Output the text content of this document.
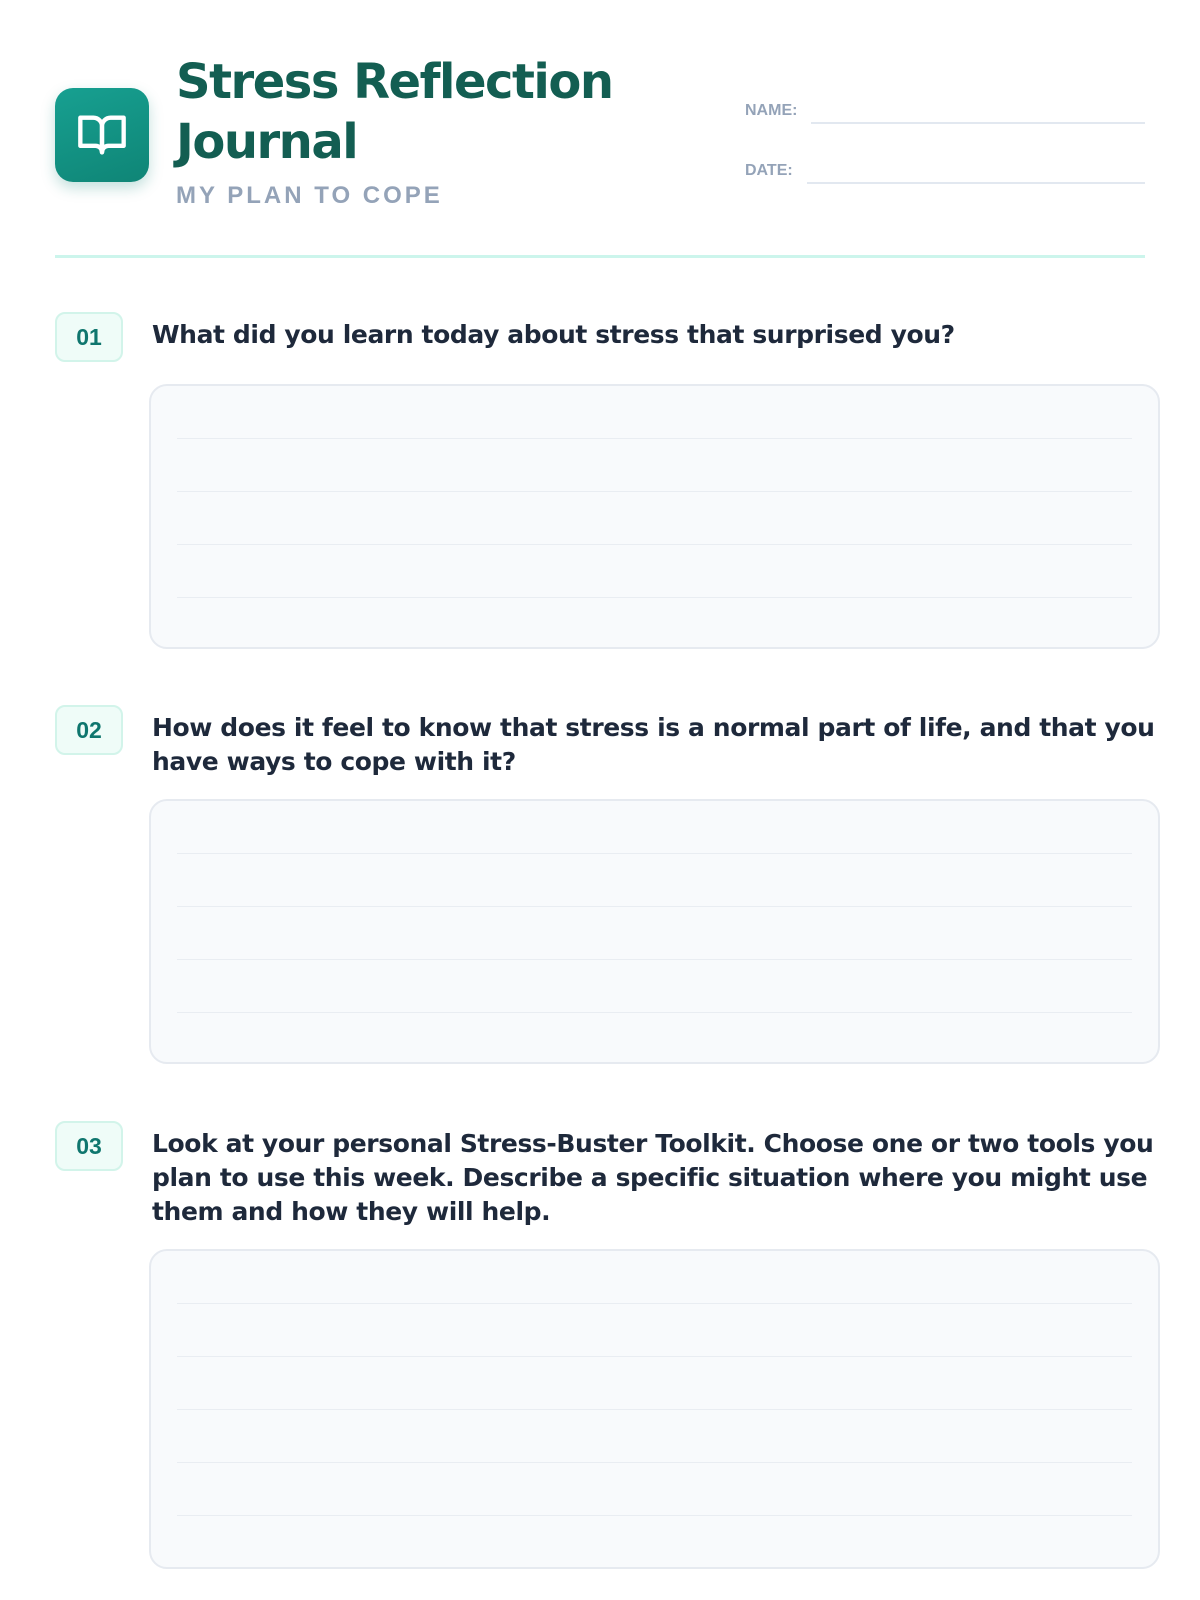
Stress Reflection Journal
MY PLAN TO COPE
NAME:
DATE:
01	What did you learn today about stress that surprised you?
02	How does it feel to know that stress is a normal part of life, and that you have ways to cope with it?
03	Look at your personal Stress-Buster Toolkit. Choose one or two tools you plan to use this week. Describe a specific situation where you might use them and how they will help.
